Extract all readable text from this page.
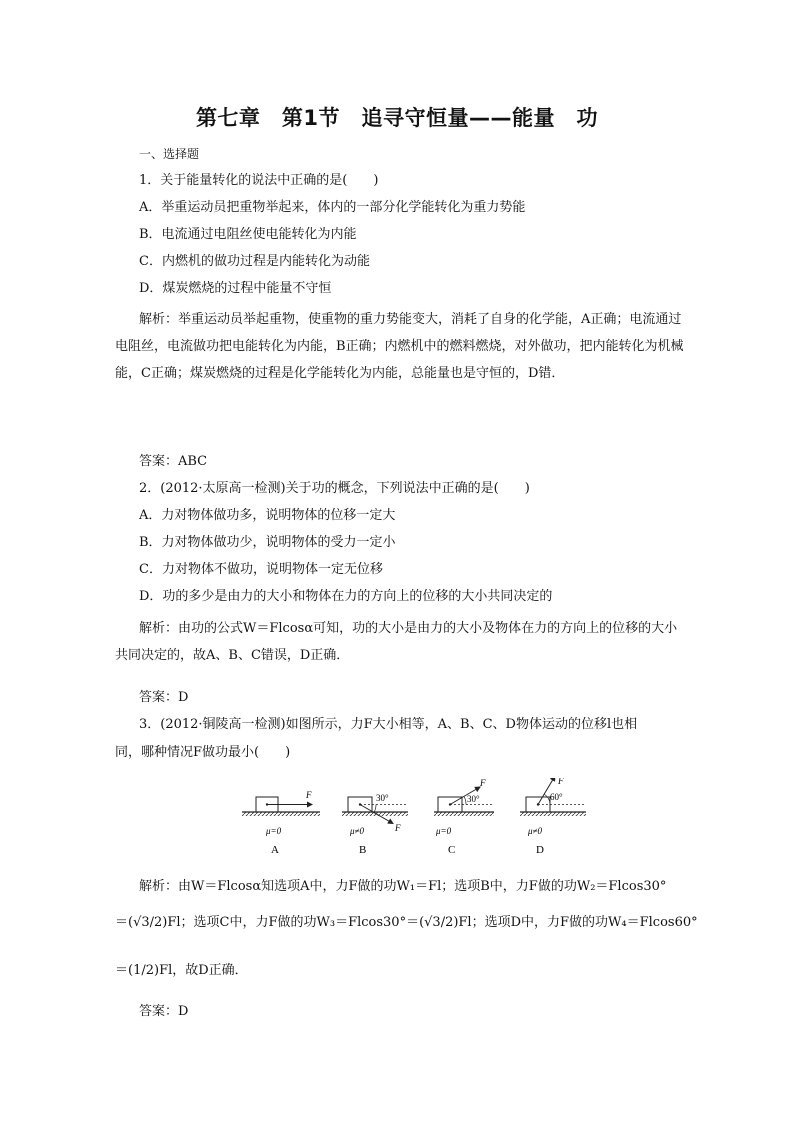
第七章　第1节　追寻守恒量——能量　功
一、选择题
1．关于能量转化的说法中正确的是(　　)
A．举重运动员把重物举起来，体内的一部分化学能转化为重力势能
B．电流通过电阻丝使电能转化为内能
C．内燃机的做功过程是内能转化为动能
D．煤炭燃烧的过程中能量不守恒
解析：举重运动员举起重物，使重物的重力势能变大，消耗了自身的化学能，A正确；电流通过电阻丝，电流做功把电能转化为内能，B正确；内燃机中的燃料燃烧，对外做功，把内能转化为机械能，C正确；煤炭燃烧的过程是化学能转化为内能，总能量也是守恒的，D错．
答案：ABC
2．(2012·太原高一检测)关于功的概念，下列说法中正确的是(　　)
A．力对物体做功多，说明物体的位移一定大
B．力对物体做功少，说明物体的受力一定小
C．力对物体不做功，说明物体一定无位移
D．功的多少是由力的大小和物体在力的方向上的位移的大小共同决定的
解析：由功的公式W＝Flcosα可知，功的大小是由力的大小及物体在力的方向上的位移的大小共同决定的，故A、B、C错误，D正确．
答案：D
3．(2012·铜陵高一检测)如图所示，力F大小相等，A、B、C、D物体运动的位移l也相
同，哪种情况F做功最小(　　)
F
μ=0
A
30°
F
μ≠0
B
30°
F
μ=0
C
60°
F
μ≠0
D
解析：由W＝Flcosα知选项A中，力F做的功W₁＝Fl；选项B中，力F做的功W₂＝Flcos30°
＝(√3/2)Fl；选项C中，力F做的功W₃＝Flcos30°＝(√3/2)Fl；选项D中，力F做的功W₄＝Flcos60°
＝(1/2)Fl，故D正确．
答案：D
